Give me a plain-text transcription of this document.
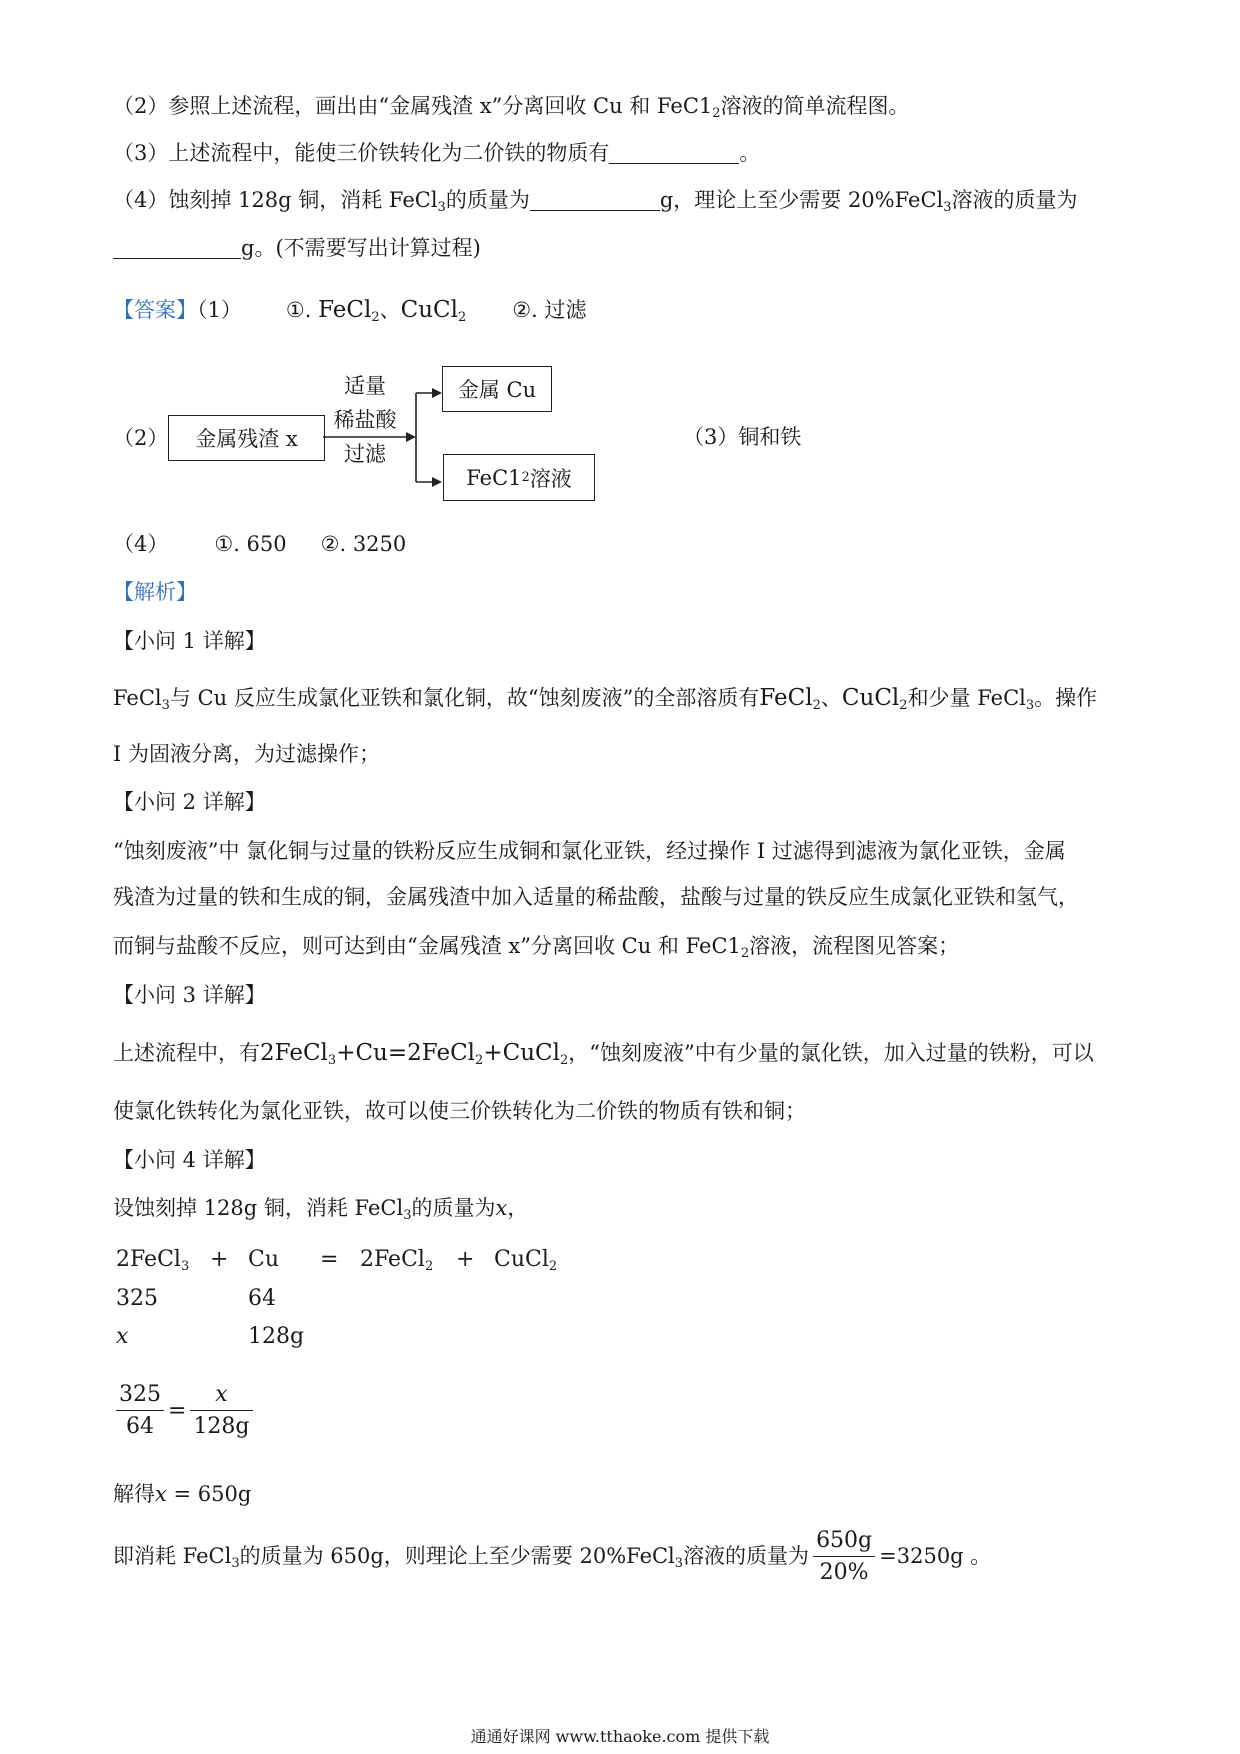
（2）参照上述流程，画出由“金属残渣 x”分离回收 Cu 和 $FeC1_2$溶液的简单流程图。
（3）上述流程中，能使三价铁转化为二价铁的物质有	。
（4）蚀刻掉 128g 铜，消耗 FeCl$_3$的质量为	g，理论上至少需要 20%FeCl$_3$溶液的质量为
g。(不需要写出计算过程)
【答案】（1） ①. FeCl$_2$、CuCl$_2$ ②. 过滤
（2） 金属残渣 x
适量
稀盐酸
过滤
金属 Cu
FeC1 2 溶液
（3）铜和铁
（4） ①. 650 ②. 3250
【解析】
【小问 1 详解】
FeCl$_3$与 Cu 反应生成氯化亚铁和氯化铜，故“蚀刻废液”的全部溶质有FeCl$_2$、CuCl$_2$和少量 FeCl$_3$。操作
I 为固液分离，为过滤操作；
【小问 2 详解】
“蚀刻废液”中 氯化铜与过量的铁粉反应生成铜和氯化亚铁，经过操作 I 过滤得到滤液为氯化亚铁，金属
残渣为过量的铁和生成的铜，金属残渣中加入适量的稀盐酸，盐酸与过量的铁反应生成氯化亚铁和氢气，
而铜与盐酸不反应，则可达到由“金属残渣 x”分离回收 Cu 和 $FeC1_2$溶液，流程图见答案；
【小问 3 详解】
上述流程中，有2FeCl$_3$+Cu=2FeCl$_2$+CuCl$_2$，“蚀刻废液”中有少量的氯化铁，加入过量的铁粉，可以
使氯化铁转化为氯化亚铁，故可以使三价铁转化为二价铁的物质有铁和铜；
【小问 4 详解】
设蚀刻掉 128g 铜，消耗 FeCl$_3$的质量为x，
2FeCl$_3$ + Cu = 2FeCl$_2$ + CuCl$_2$
325	64
x	128g
$\frac{325}{64} = \frac{x}{128g}$
解得x = 650g
即消耗 FeCl$_3$的质量为 650g，则理论上至少需要 20%FeCl$_3$溶液的质量为 $\frac{650g}{20\%} =3250g$ 。
通通好课网 www.tthaoke.com 提供下载
